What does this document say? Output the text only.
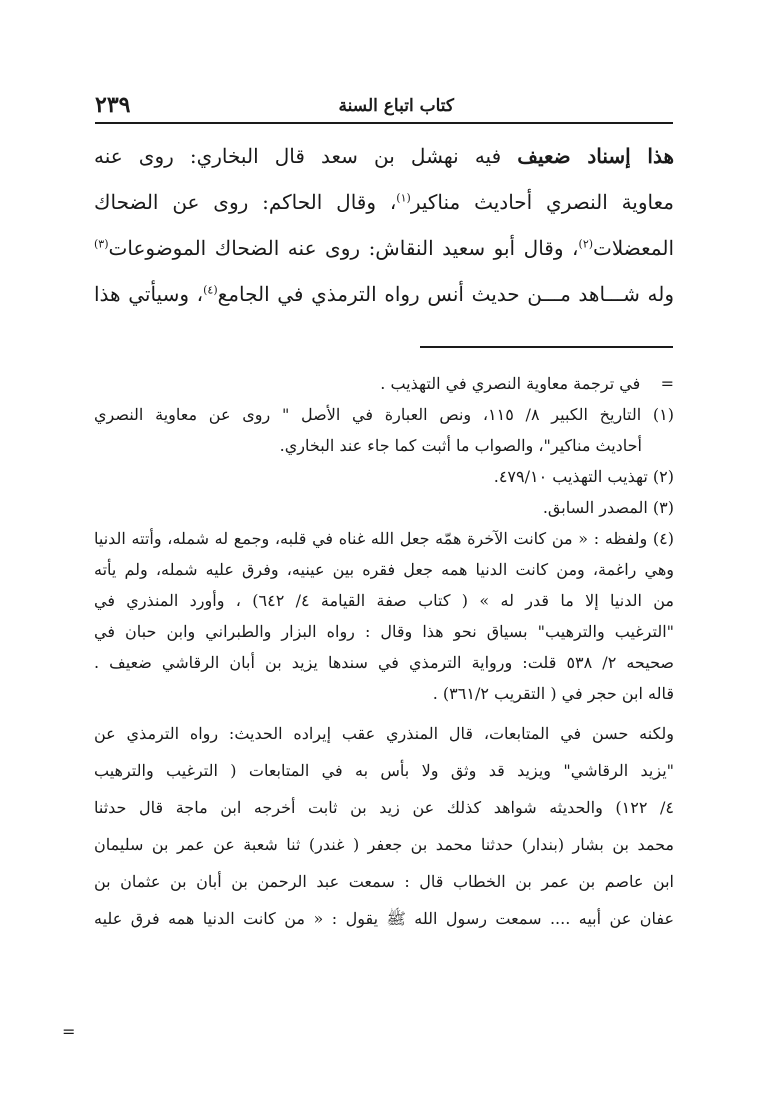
كتاب اتباع السنة
٢٣٩

هذا إسناد ضعيف فيه نهشل بن سعد قال البخاري: روى عنه

معاوية النصري أحاديث مناكير$^{(١)}$، وقال الحاكم: روى عن الضحاك

المعضلات$^{(٢)}$، وقال أبو سعيد النقاش: روى عنه الضحاك الموضوعات$^{(٣)}$

وله شـــاهد مـــن حديث أنس رواه الترمذي في الجامع$^{(٤)}$، وسيأتي هذا

=    في ترجمة معاوية النصري في التهذيب .
(١) التاريخ الكبير ٨/ ١١٥، ونص العبارة في الأصل " روى عن معاوية النصري
أحاديث مناكير"، والصواب ما أثبت كما جاء عند البخاري.
(٢) تهذيب التهذيب ٤٧٩/١٠.
(٣) المصدر السابق.
(٤) ولفظه : « من كانت الآخرة همّه جعل الله غناه في قلبه، وجمع له شمله، وأتته الدنيا
وهي راغمة، ومن كانت الدنيا همه جعل فقره بين عينيه، وفرق عليه شمله، ولم يأته
من الدنيا إلا ما قدر له » ( كتاب صفة القيامة ٤/ ٦٤٢) ، وأورد المنذري في
"الترغيب والترهيب" بسياق نحو هذا وقال : رواه البزار والطبراني وابن حبان في
صحيحه ٢/ ٥٣٨ قلت: ورواية الترمذي في سندها يزيد بن أبان الرقاشي ضعيف .
قاله ابن حجر في ( التقريب ٣٦١/٢) .
ولكنه حسن في المتابعات، قال المنذري عقب إيراده الحديث: رواه الترمذي عن
"يزيد الرقاشي" ويزيد قد وثق ولا بأس به في المتابعات ( الترغيب والترهيب
٤/ ١٢٢) والحديثه شواهد كذلك عن زيد بن ثابت أخرجه ابن ماجة قال حدثنا
محمد بن بشار (بندار) حدثنا محمد بن جعفر ( غندر) ثنا شعبة عن عمر بن سليمان
ابن عاصم بن عمر بن الخطاب قال : سمعت عبد الرحمن بن أبان بن عثمان بن
عفان عن أبيه .... سمعت رسول الله ﷺ يقول : « من كانت الدنيا همه فرق عليه
=
